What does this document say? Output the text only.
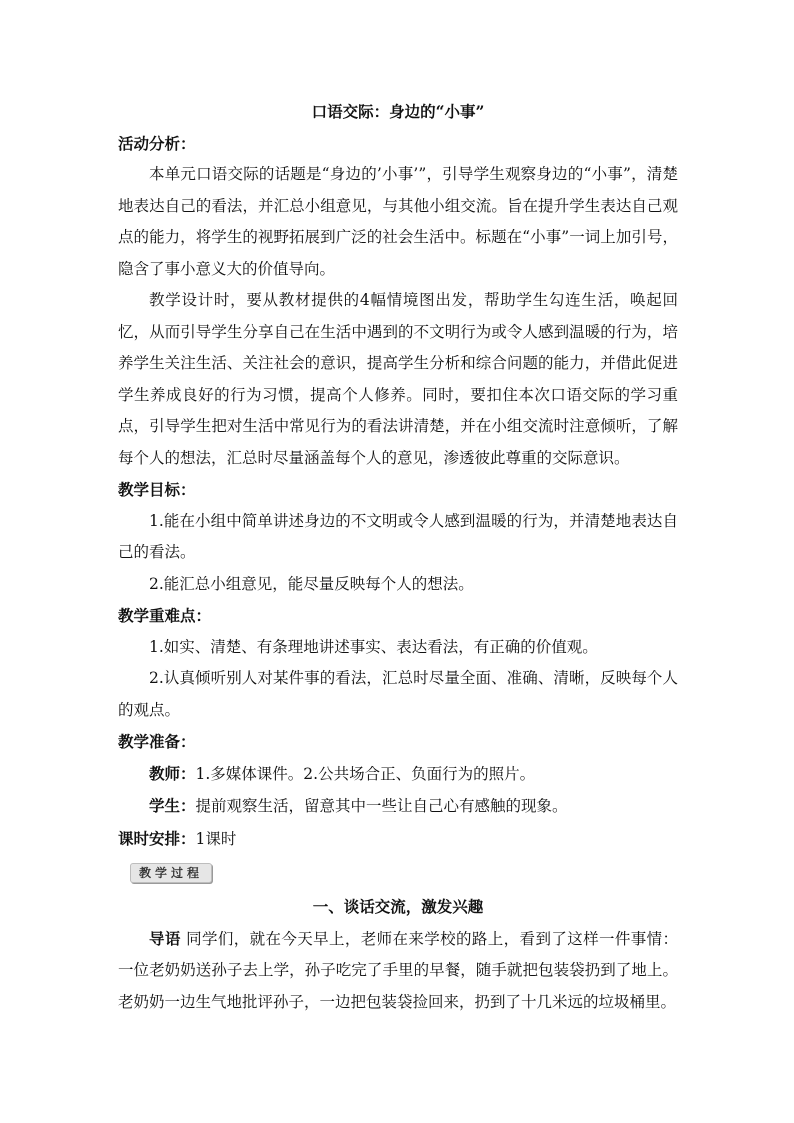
口语交际：身边的“小事”

活动分析：

本单元口语交际的话题是“身边的’小事’”，引导学生观察身边的“小事”，清楚地表达自己的看法，并汇总小组意见，与其他小组交流。旨在提升学生表达自己观点的能力，将学生的视野拓展到广泛的社会生活中。标题在“小事”一词上加引号，隐含了事小意义大的价值导向。

教学设计时，要从教材提供的4幅情境图出发，帮助学生勾连生活，唤起回忆，从而引导学生分享自己在生活中遇到的不文明行为或令人感到温暖的行为，培养学生关注生活、关注社会的意识，提高学生分析和综合问题的能力，并借此促进学生养成良好的行为习惯，提高个人修养。同时，要扣住本次口语交际的学习重点，引导学生把对生活中常见行为的看法讲清楚，并在小组交流时注意倾听，了解每个人的想法，汇总时尽量涵盖每个人的意见，渗透彼此尊重的交际意识。

教学目标：

1.能在小组中简单讲述身边的不文明或令人感到温暖的行为，并清楚地表达自己的看法。

2.能汇总小组意见，能尽量反映每个人的想法。

教学重难点：

1.如实、清楚、有条理地讲述事实、表达看法，有正确的价值观。

2.认真倾听别人对某件事的看法，汇总时尽量全面、准确、清晰，反映每个人的观点。

教学准备：

教师：1.多媒体课件。2.公共场合正、负面行为的照片。

学生：提前观察生活，留意其中一些让自己心有感触的现象。

课时安排：1课时

教学过程

一、谈话交流，激发兴趣

导语 同学们，就在今天早上，老师在来学校的路上，看到了这样一件事情：一位老奶奶送孙子去上学，孙子吃完了手里的早餐，随手就把包装袋扔到了地上。老奶奶一边生气地批评孙子，一边把包装袋捡回来，扔到了十几米远的垃圾桶里。
